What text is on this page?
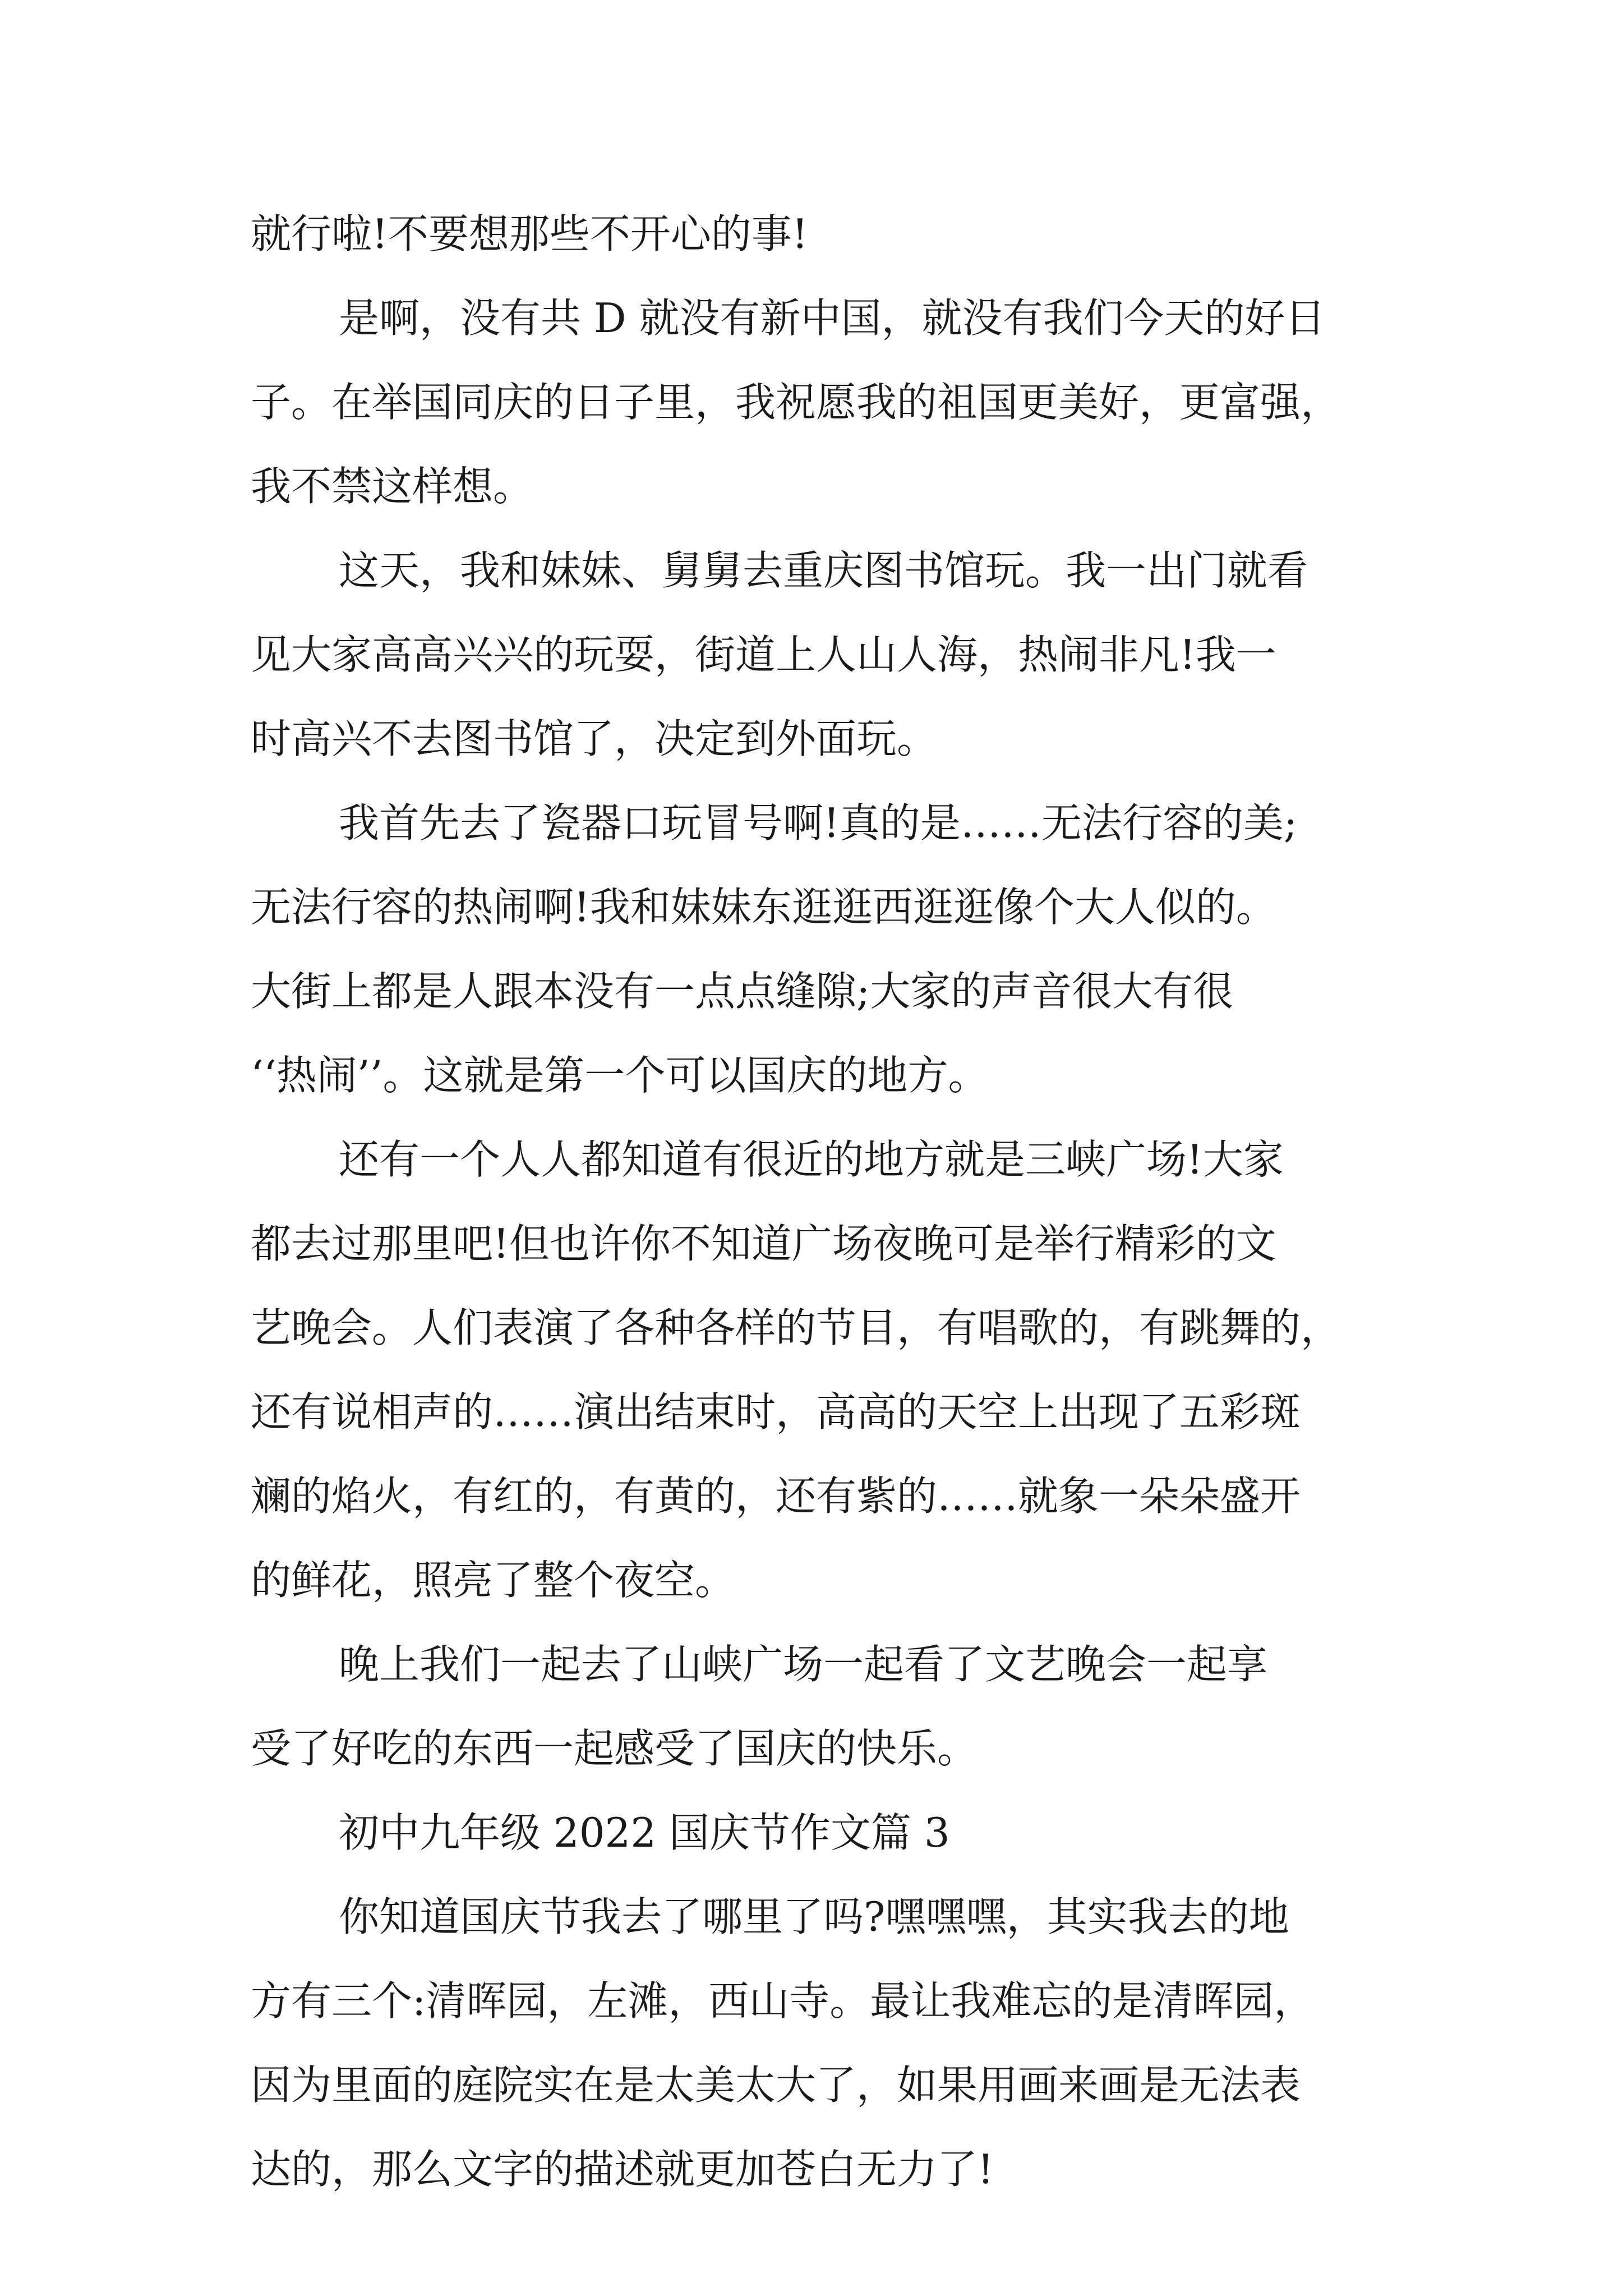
就行啦!不要想那些不开心的事!
是啊，没有共 D 就没有新中国，就没有我们今天的好日
子。在举国同庆的日子里，我祝愿我的祖国更美好，更富强，
我不禁这样想。
这天，我和妹妹、舅舅去重庆图书馆玩。我一出门就看
见大家高高兴兴的玩耍，街道上人山人海，热闹非凡!我一
时高兴不去图书馆了，决定到外面玩。
我首先去了瓷器口玩冒号啊!真的是……无法行容的美;
无法行容的热闹啊!我和妹妹东逛逛西逛逛像个大人似的。
大街上都是人跟本没有一点点缝隙;大家的声音很大有很
‘‘热闹’’。这就是第一个可以国庆的地方。
还有一个人人都知道有很近的地方就是三峡广场!大家
都去过那里吧!但也许你不知道广场夜晚可是举行精彩的文
艺晚会。人们表演了各种各样的节目，有唱歌的，有跳舞的，
还有说相声的……演出结束时，高高的天空上出现了五彩斑
斓的焰火，有红的，有黄的，还有紫的……就象一朵朵盛开
的鲜花，照亮了整个夜空。
晚上我们一起去了山峡广场一起看了文艺晚会一起享
受了好吃的东西一起感受了国庆的快乐。
初中九年级 2022 国庆节作文篇 3
你知道国庆节我去了哪里了吗?嘿嘿嘿，其实我去的地
方有三个:清晖园，左滩，西山寺。最让我难忘的是清晖园，
因为里面的庭院实在是太美太大了，如果用画来画是无法表
达的，那么文字的描述就更加苍白无力了!
